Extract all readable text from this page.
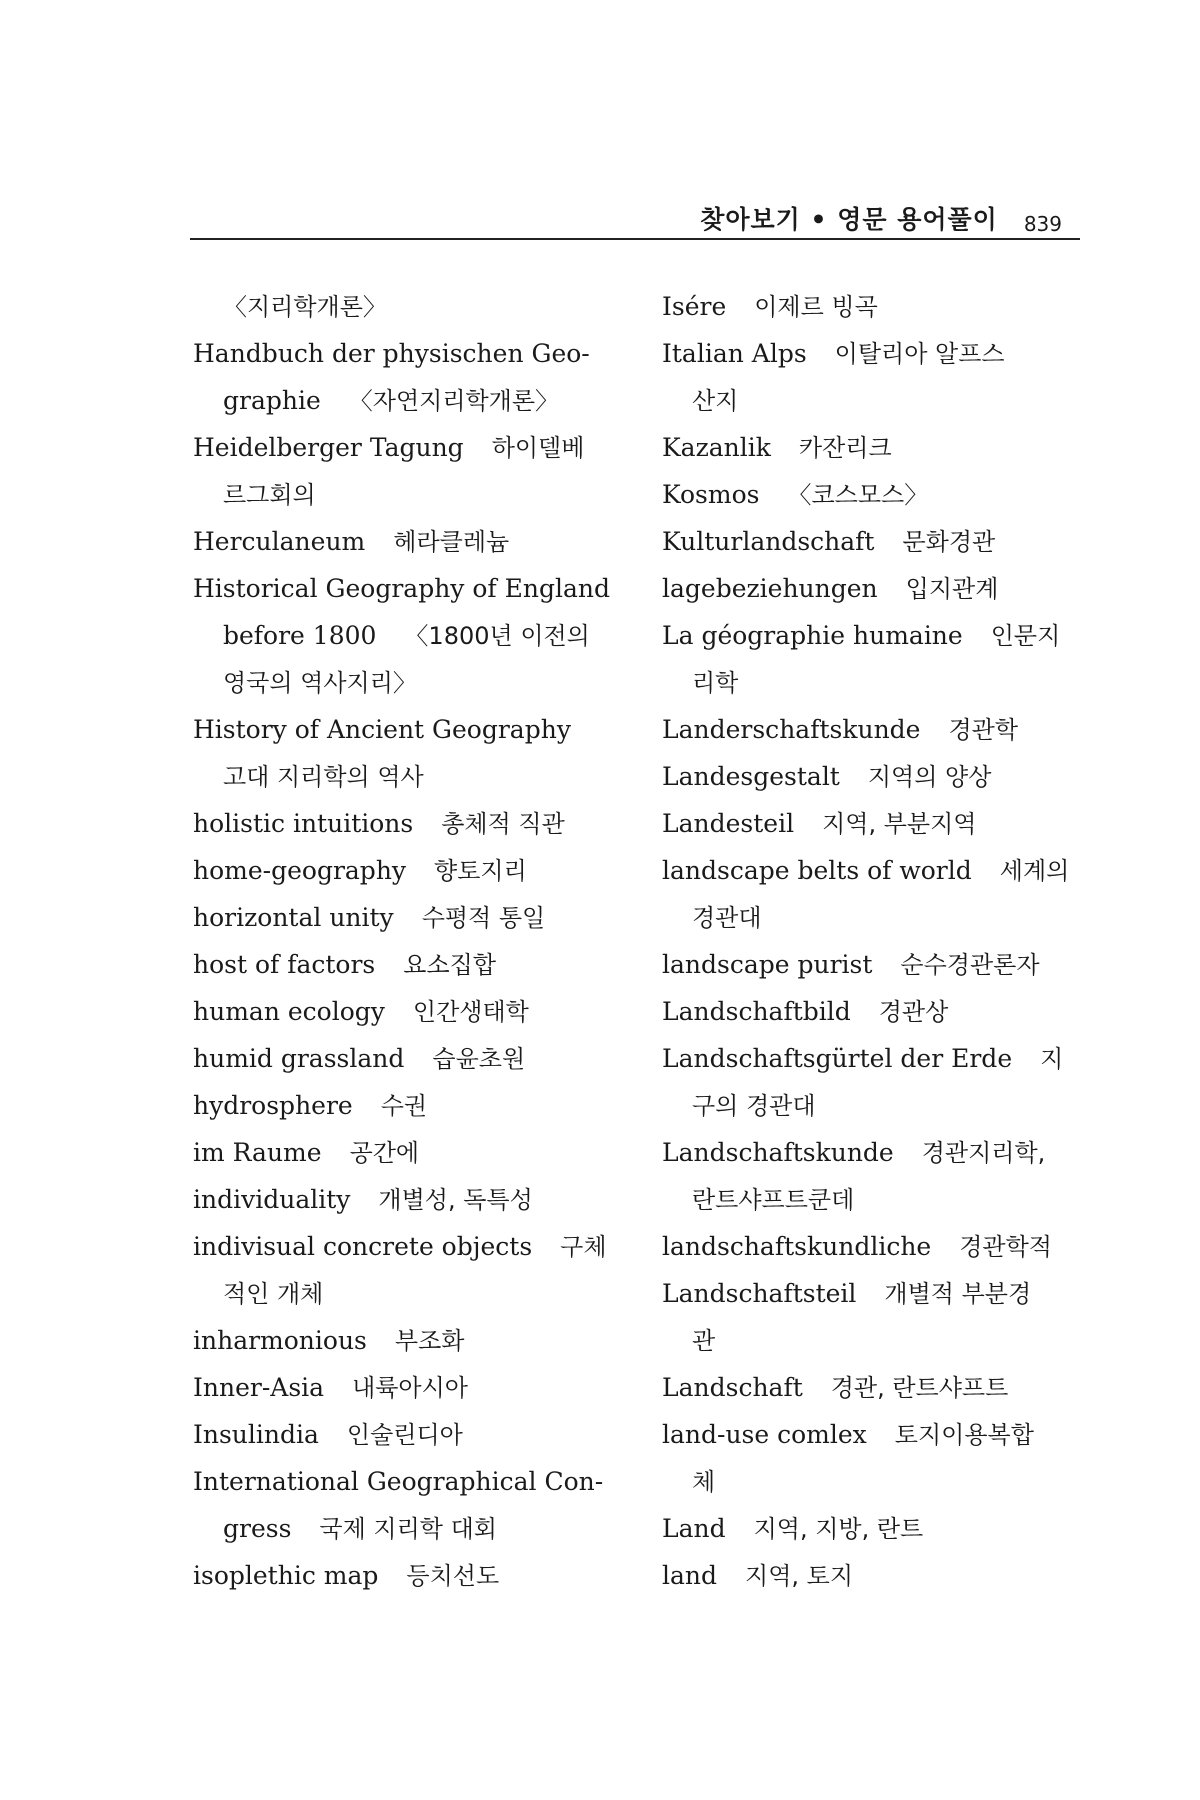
찾아보기 • 영문 용어풀이 839
〈지리학개론〉
Handbuch der physischen Geo-
graphie 〈자연지리학개론〉
Heidelberger Tagung 하이델베
르그회의
Herculaneum 헤라클레늄
Historical Geography of England
before 1800 〈1800년 이전의
영국의 역사지리〉
History of Ancient Geography
고대 지리학의 역사
holistic intuitions 총체적 직관
home-geography 향토지리
horizontal unity 수평적 통일
host of factors 요소집합
human ecology 인간생태학
humid grassland 습윤초원
hydrosphere 수권
im Raume 공간에
individuality 개별성, 독특성
indivisual concrete objects 구체
적인 개체
inharmonious 부조화
Inner-Asia 내륙아시아
Insulindia 인술린디아
International Geographical Con-
gress 국제 지리학 대회
isoplethic map 등치선도
Isére 이제르 빙곡
Italian Alps 이탈리아 알프스
산지
Kazanlik 카잔리크
Kosmos 〈코스모스〉
Kulturlandschaft 문화경관
lagebeziehungen 입지관계
La géographie humaine 인문지
리학
Landerschaftskunde 경관학
Landesgestalt 지역의 양상
Landesteil 지역, 부분지역
landscape belts of world 세계의
경관대
landscape purist 순수경관론자
Landschaftbild 경관상
Landschaftsgürtel der Erde 지
구의 경관대
Landschaftskunde 경관지리학,
란트샤프트쿤데
landschaftskundliche 경관학적
Landschaftsteil 개별적 부분경
관
Landschaft 경관, 란트샤프트
land-use comlex 토지이용복합
체
Land 지역, 지방, 란트
land 지역, 토지
